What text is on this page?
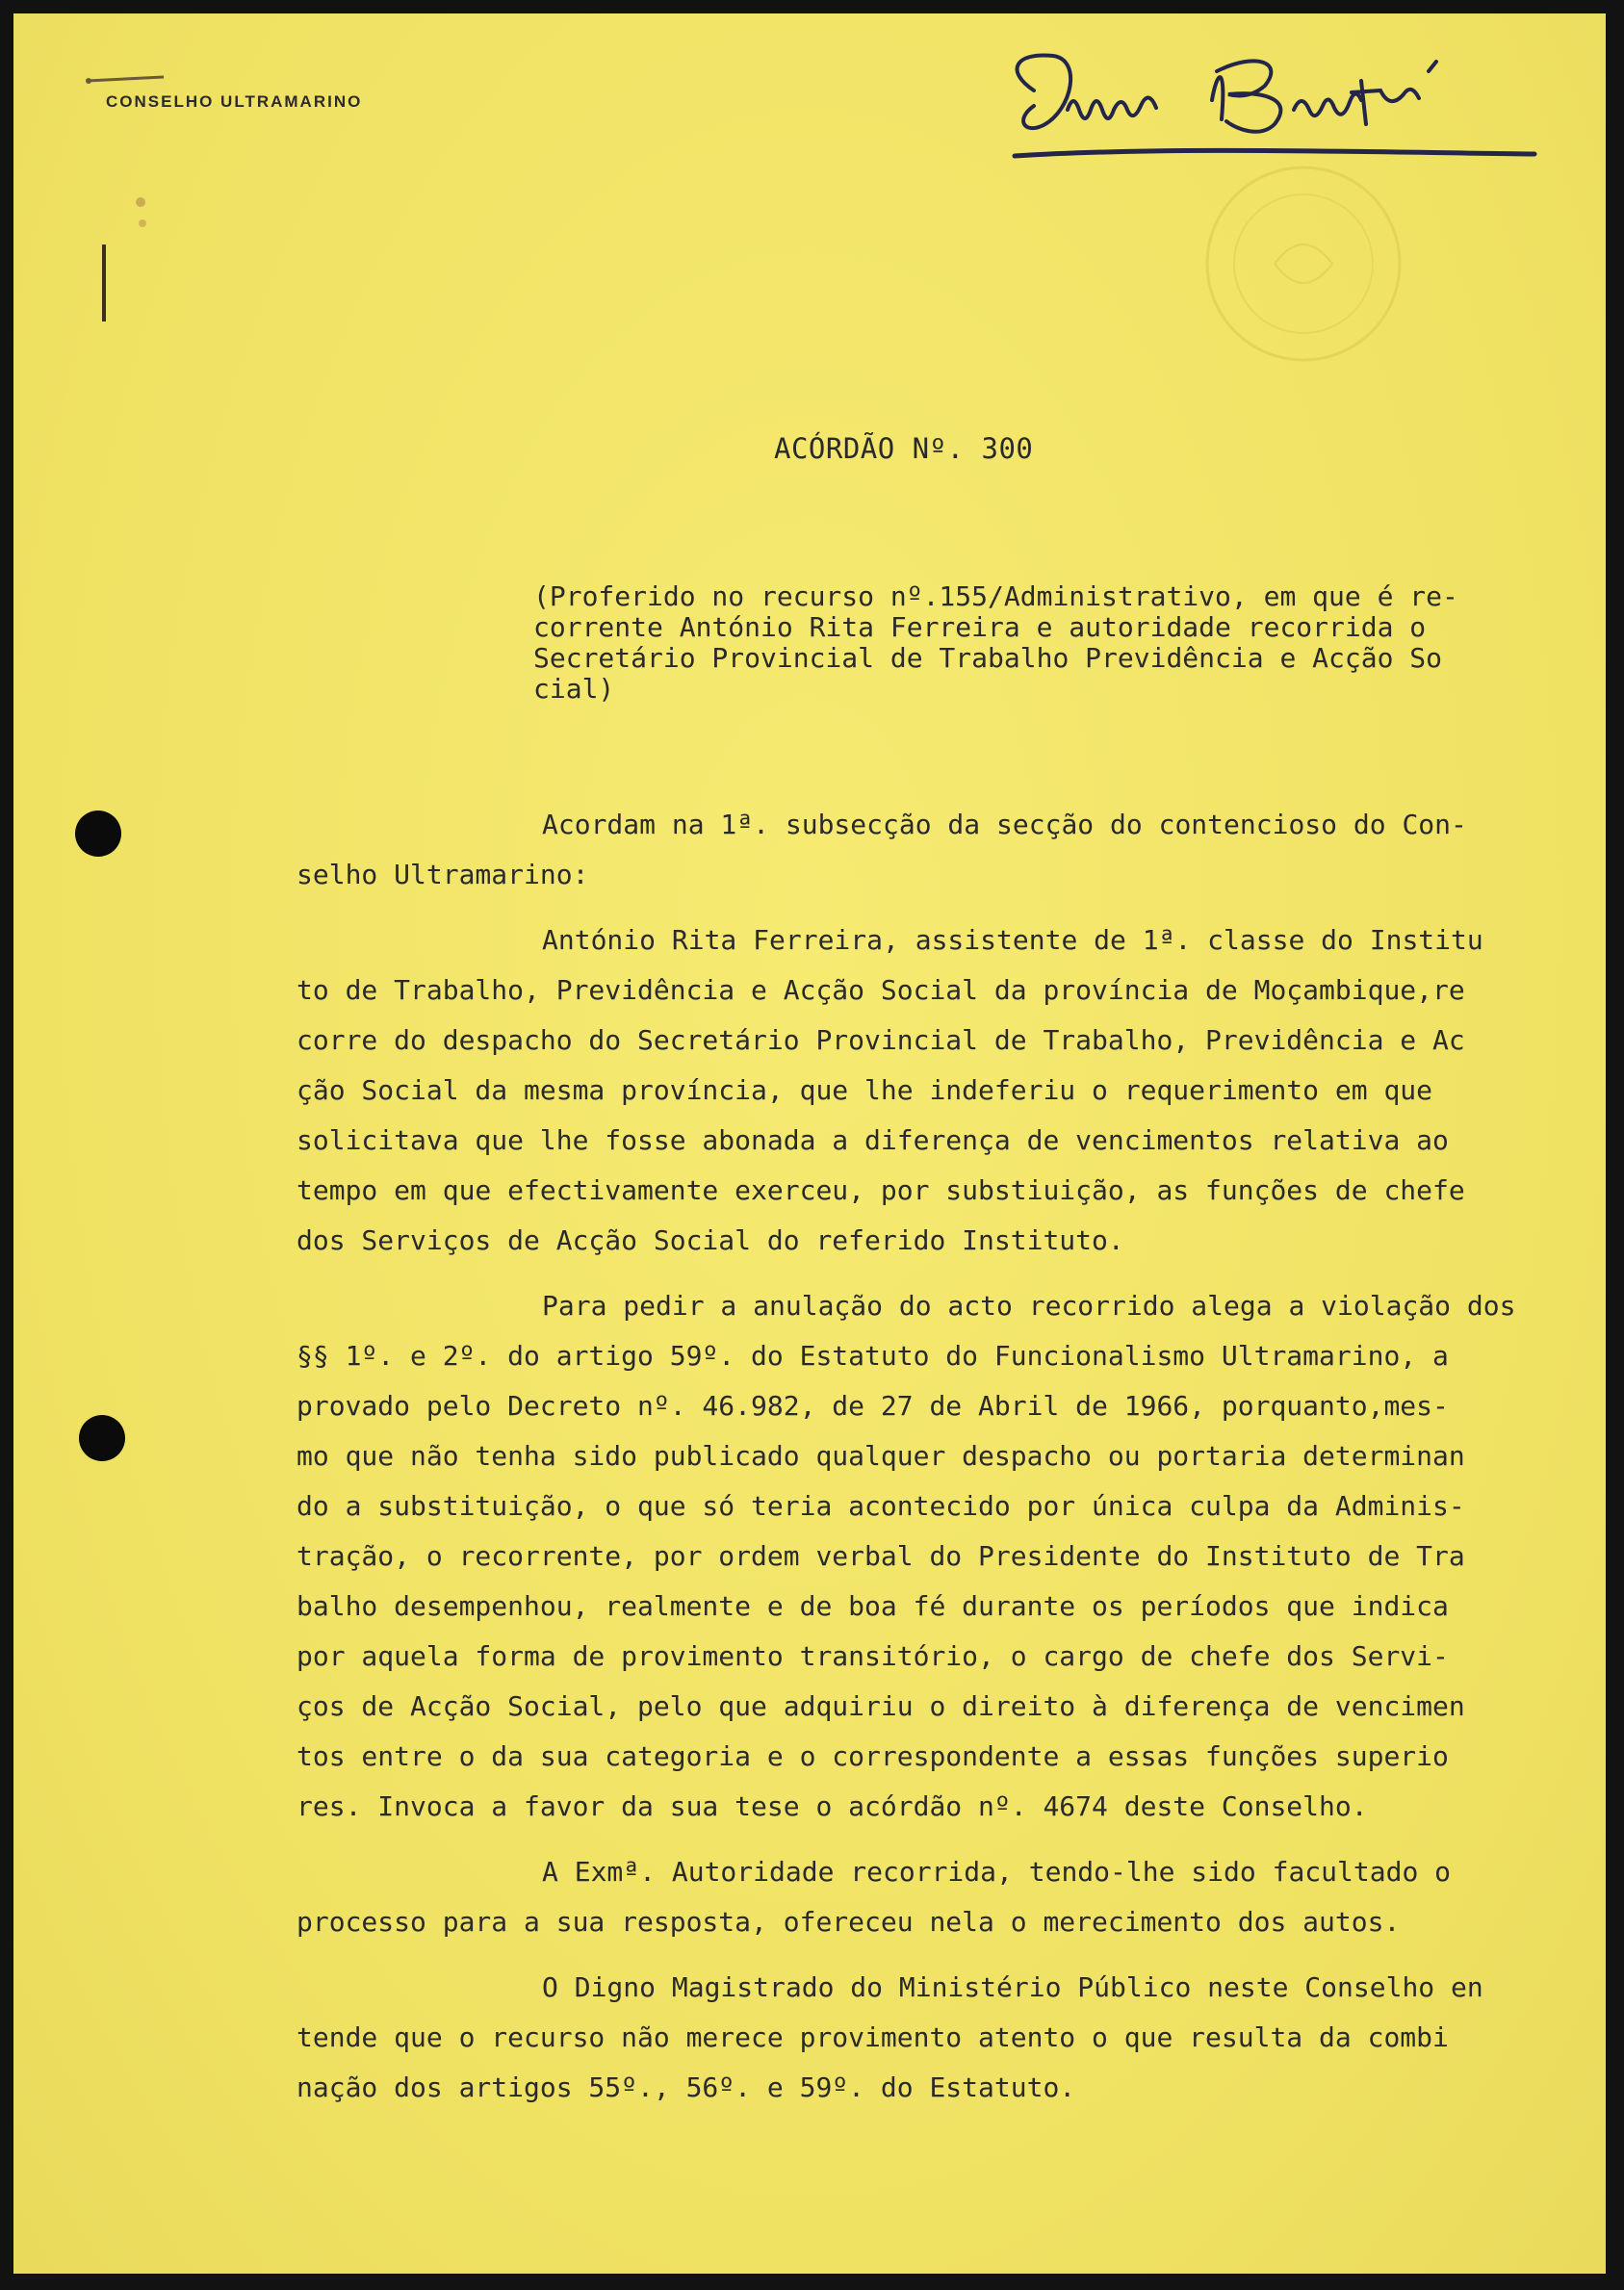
CONSELHO ULTRAMARINO
Aurora Barreto
ACÓRDÃO Nº. 300
(Proferido no recurso nº.155/Administrativo, em que é re-
corrente António Rita Ferreira e autoridade recorrida o
Secretário Provincial de Trabalho Previdência e Acção So
cial)
Acordam na 1ª. subsecção da secção do contencioso do Con-
selho Ultramarino:
António Rita Ferreira, assistente de 1ª. classe do Institu
to de Trabalho, Previdência e Acção Social da província de Moçambique,re
corre do despacho do Secretário Provincial de Trabalho, Previdência e Ac
ção Social da mesma província, que lhe indeferiu o requerimento em que
solicitava que lhe fosse abonada a diferença de vencimentos relativa ao
tempo em que efectivamente exerceu, por substiuição, as funções de chefe
dos Serviços de Acção Social do referido Instituto.
Para pedir a anulação do acto recorrido alega a violação dos
§§ 1º. e 2º. do artigo 59º. do Estatuto do Funcionalismo Ultramarino, a
provado pelo Decreto nº. 46.982, de 27 de Abril de 1966, porquanto,mes-
mo que não tenha sido publicado qualquer despacho ou portaria determinan
do a substituição, o que só teria acontecido por única culpa da Adminis-
tração, o recorrente, por ordem verbal do Presidente do Instituto de Tra
balho desempenhou, realmente e de boa fé durante os períodos que indica
por aquela forma de provimento transitório, o cargo de chefe dos Servi-
ços de Acção Social, pelo que adquiriu o direito à diferença de vencimen
tos entre o da sua categoria e o correspondente a essas funções superio
res. Invoca a favor da sua tese o acórdão nº. 4674 deste Conselho.
A Exmª. Autoridade recorrida, tendo-lhe sido facultado o
processo para a sua resposta, ofereceu nela o merecimento dos autos.
O Digno Magistrado do Ministério Público neste Conselho en
tende que o recurso não merece provimento atento o que resulta da combi
nação dos artigos 55º., 56º. e 59º. do Estatuto.
